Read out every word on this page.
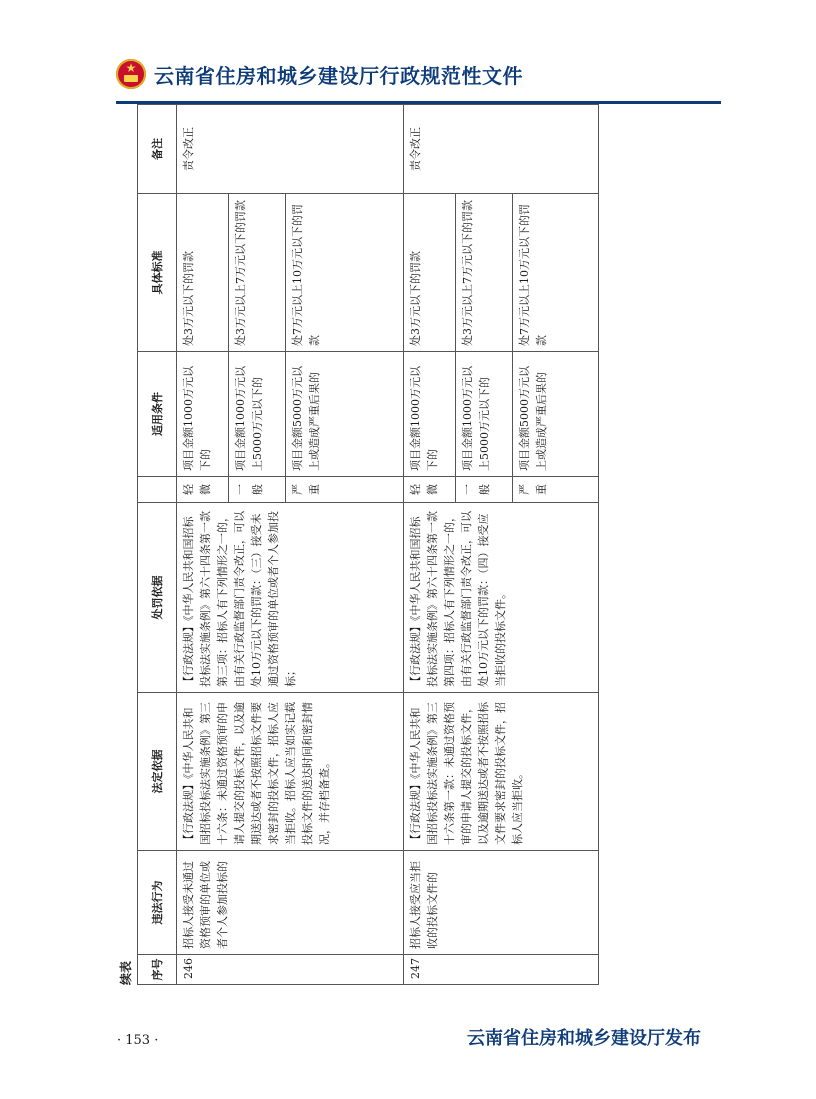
★ 云南省住房和城乡建设厅行政规范性文件
续表	序号	违法行为	法定依据	处罚依据		适用条件	具体标准	备注
246	招标人接受未通过资格预审的单位或者个人参加投标的	【行政法规】《中华人民共和国招标投标法实施条例》第三十六条：未通过资格预审的申请人提交的投标文件，以及逾期送达或者不按照招标文件要求密封的投标文件，招标人应当拒收。招标人应当如实记载投标文件的送达时间和密封情况，并存档备查。	【行政法规】《中华人民共和国招标投标法实施条例》第六十四条第一款第三项：招标人有下列情形之一的，由有关行政监督部门责令改正，可以处10万元以下的罚款：（三）接受未通过资格预审的单位或者个人参加投标；	轻微	项目金额1000万元以下的	处3万元以下的罚款	责令改正
				一般	项目金额1000万元以上5000万元以下的	处3万元以上7万元以下的罚款	
				严重	项目金额5000万元以上或造成严重后果的	处7万元以上10万元以下的罚款	
247	招标人接受应当拒收的投标文件的	【行政法规】《中华人民共和国招标投标法实施条例》第三十六条第一款：未通过资格预审的申请人提交的投标文件，以及逾期送达或者不按照招标文件要求密封的投标文件，招标人应当拒收。	【行政法规】《中华人民共和国招标投标法实施条例》第六十四条第一款第四项：招标人有下列情形之一的，由有关行政监督部门责令改正，可以处10万元以下的罚款：（四）接受应当拒收的投标文件。	轻微	项目金额1000万元以下的	处3万元以下的罚款	责令改正
				一般	项目金额1000万元以上5000万元以下的	处3万元以上7万元以下的罚款	
				严重	项目金额5000万元以上或造成严重后果的	处7万元以上10万元以下的罚款	
· 153 ·	云南省住房和城乡建设厅发布
